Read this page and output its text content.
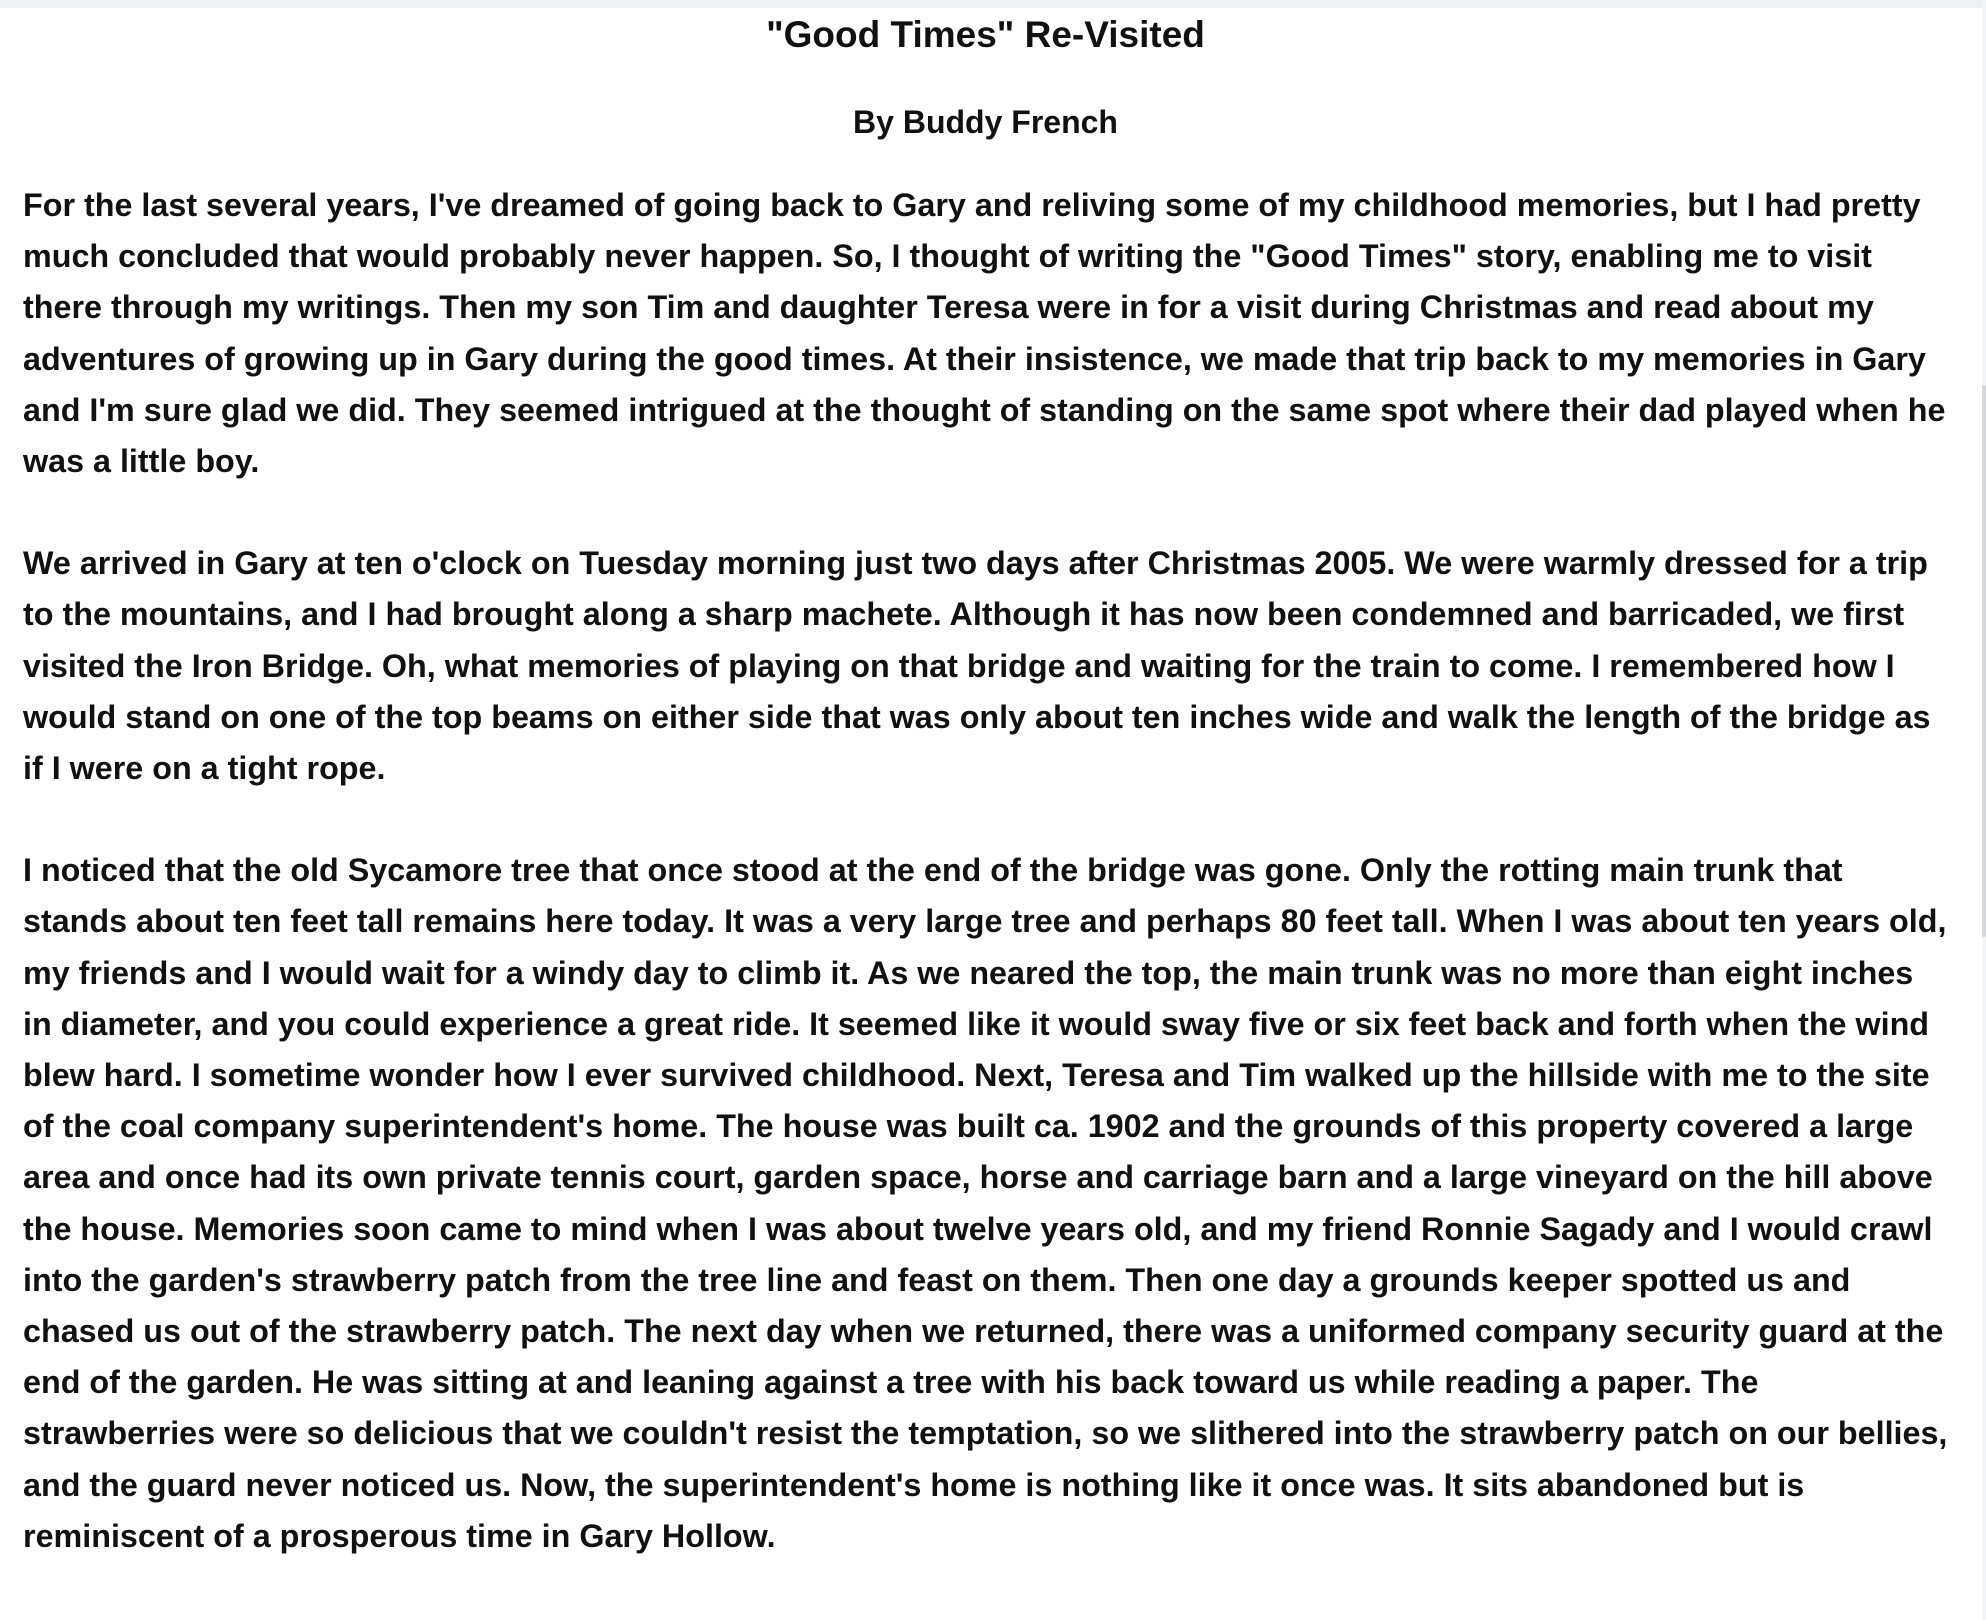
"Good Times" Re-Visited

By Buddy French

For the last several years, I've dreamed of going back to Gary and reliving some of my childhood memories, but I had pretty much concluded that would probably never happen. So, I thought of writing the "Good Times" story, enabling me to visit there through my writings. Then my son Tim and daughter Teresa were in for a visit during Christmas and read about my adventures of growing up in Gary during the good times. At their insistence, we made that trip back to my memories in Gary and I'm sure glad we did. They seemed intrigued at the thought of standing on the same spot where their dad played when he was a little boy.

We arrived in Gary at ten o'clock on Tuesday morning just two days after Christmas 2005. We were warmly dressed for a trip to the mountains, and I had brought along a sharp machete. Although it has now been condemned and barricaded, we first visited the Iron Bridge. Oh, what memories of playing on that bridge and waiting for the train to come. I remembered how I would stand on one of the top beams on either side that was only about ten inches wide and walk the length of the bridge as if I were on a tight rope.

I noticed that the old Sycamore tree that once stood at the end of the bridge was gone. Only the rotting main trunk that stands about ten feet tall remains here today. It was a very large tree and perhaps 80 feet tall. When I was about ten years old, my friends and I would wait for a windy day to climb it. As we neared the top, the main trunk was no more than eight inches in diameter, and you could experience a great ride. It seemed like it would sway five or six feet back and forth when the wind blew hard. I sometime wonder how I ever survived childhood. Next, Teresa and Tim walked up the hillside with me to the site of the coal company superintendent's home. The house was built ca. 1902 and the grounds of this property covered a large area and once had its own private tennis court, garden space, horse and carriage barn and a large vineyard on the hill above the house. Memories soon came to mind when I was about twelve years old, and my friend Ronnie Sagady and I would crawl into the garden's strawberry patch from the tree line and feast on them. Then one day a grounds keeper spotted us and chased us out of the strawberry patch. The next day when we returned, there was a uniformed company security guard at the end of the garden. He was sitting at and leaning against a tree with his back toward us while reading a paper. The strawberries were so delicious that we couldn't resist the temptation, so we slithered into the strawberry patch on our bellies, and the guard never noticed us. Now, the superintendent's home is nothing like it once was. It sits abandoned but is reminiscent of a prosperous time in Gary Hollow.
